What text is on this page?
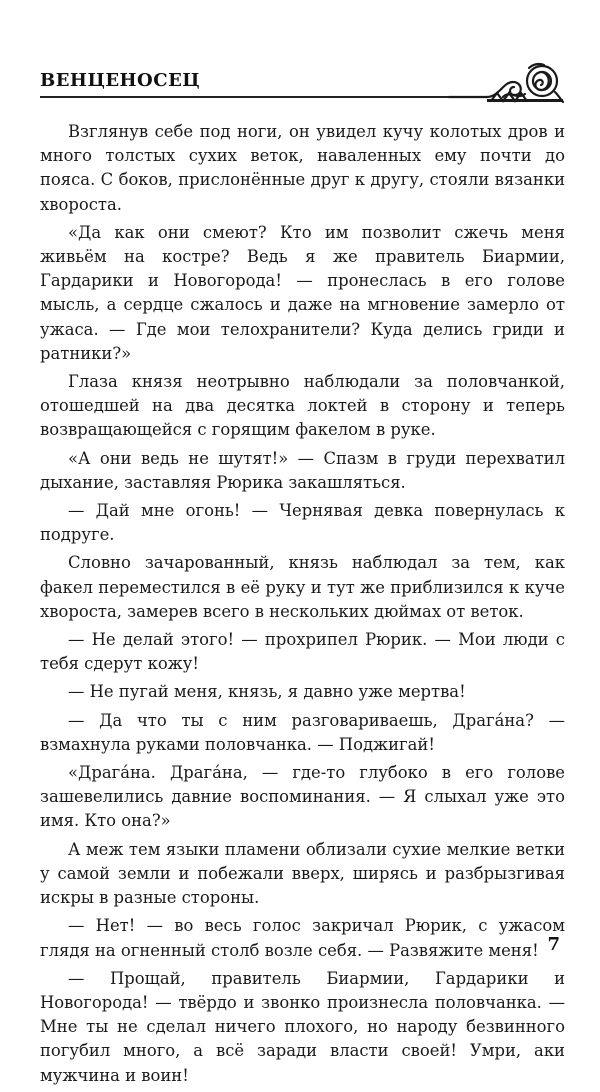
ВЕНЦЕНОСЕЦ

Взглянув себе под ноги, он увидел кучу колотых дров и много толстых сухих веток, наваленных ему почти до пояса. С боков, прислонённые друг к другу, стояли вязанки хвороста.

«Да как они смеют? Кто им позволит сжечь меня живьём на костре? Ведь я же правитель Биармии, Гардарики и Новогорода! — пронеслась в его голове мысль, а сердце сжалось и даже на мгновение замерло от ужаса. — Где мои телохранители? Куда делись гриди и ратники?»

Глаза князя неотрывно наблюдали за половчанкой, отошедшей на два десятка локтей в сторону и теперь возвращающейся с горящим факелом в руке.

«А они ведь не шутят!» — Спазм в груди перехватил дыхание, заставляя Рюрика закашляться.

— Дай мне огонь! — Чернявая девка повернулась к подруге.

Словно зачарованный, князь наблюдал за тем, как факел переместился в её руку и тут же приблизился к куче хвороста, замерев всего в нескольких дюймах от веток.

— Не делай этого! — прохрипел Рюрик. — Мои люди с тебя сдерут кожу!

— Не пугай меня, князь, я давно уже мертва!

— Да что ты с ним разговариваешь, Драга́на? — взмахнула руками половчанка. — Поджигай!

«Драга́на. Драга́на, — где-то глубоко в его голове зашевелились давние воспоминания. — Я слыхал уже это имя. Кто она?»

А меж тем языки пламени облизали сухие мелкие ветки у самой земли и побежали вверх, ширясь и разбрызгивая искры в разные стороны.

— Нет! — во весь голос закричал Рюрик, с ужасом глядя на огненный столб возле себя. — Развяжите меня!

— Прощай, правитель Биармии, Гардарики и Новогорода! — твёрдо и звонко произнесла половчанка. — Мне ты не сделал ничего плохого, но народу безвинного погубил много, а всё заради власти своей! Умри, аки мужчина и воин!

7
